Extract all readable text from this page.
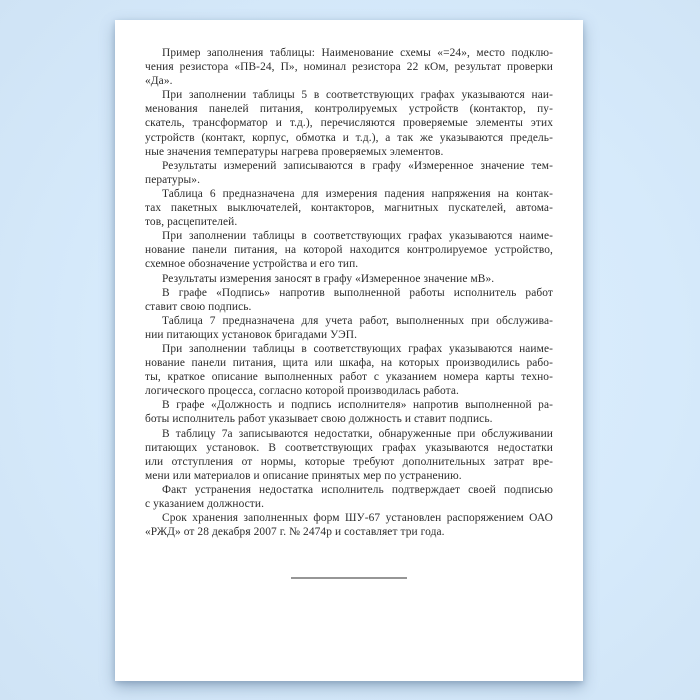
Пример заполнения таблицы: Наименование схемы «=24», место подклю-
чения резистора «ПВ-24, П», номинал резистора 22 кОм, результат проверки
«Да».

При заполнении таблицы 5 в соответствующих графах указываются наи-
менования панелей питания, контролируемых устройств (контактор, пу-
скатель, трансформатор и т.д.), перечисляются проверяемые элементы этих
устройств (контакт, корпус, обмотка и т.д.), а так же указываются предель-
ные значения температуры нагрева проверяемых элементов.

Результаты измерений записываются в графу «Измеренное значение тем-
пературы».

Таблица 6 предназначена для измерения падения напряжения на контак-
тах пакетных выключателей, контакторов, магнитных пускателей, автома-
тов, расцепителей.

При заполнении таблицы в соответствующих графах указываются наиме-
нование панели питания, на которой находится контролируемое устройство,
схемное обозначение устройства и его тип.

Результаты измерения заносят в графу «Измеренное значение мВ».

В графе «Подпись» напротив выполненной работы исполнитель работ
ставит свою подпись.

Таблица 7 предназначена для учета работ, выполненных при обслужива-
нии питающих установок бригадами УЭП.

При заполнении таблицы в соответствующих графах указываются наиме-
нование панели питания, щита или шкафа, на которых производились рабо-
ты, краткое описание выполненных работ с указанием номера карты техно-
логического процесса, согласно которой производилась работа.

В графе «Должность и подпись исполнителя» напротив выполненной ра-
боты исполнитель работ указывает свою должность и ставит подпись.

В таблицу 7а записываются недостатки, обнаруженные при обслуживании
питающих установок. В соответствующих графах указываются недостатки
или отступления от нормы, которые требуют дополнительных затрат вре-
мени или материалов и описание принятых мер по устранению.

Факт устранения недостатка исполнитель подтверждает своей подписью
с указанием должности.

Срок хранения заполненных форм ШУ-67 установлен распоряжением ОАО
«РЖД» от 28 декабря 2007 г. № 2474р и составляет три года.
